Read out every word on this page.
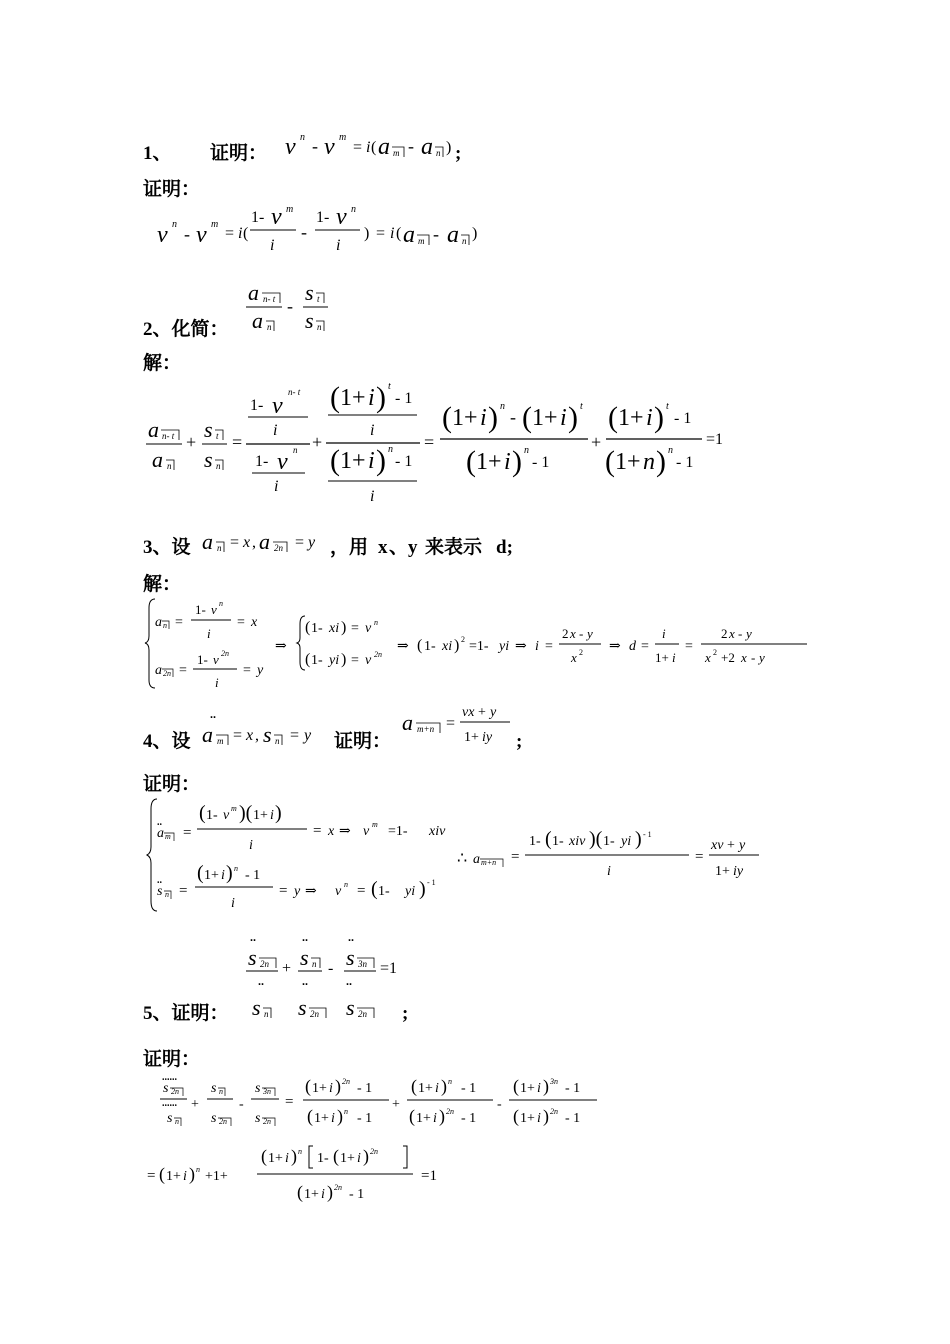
1、 证明： v n - v m
= i ( a m - a n ) ;
证明：
v n - v m
= i (
1- v m
i
-
1- v n
i
) = i ( a m - a n )
a n- t
a n
-
s t
s n
2、化简：
解：
a n- t
a n
+ s t
s n
=
1- v
n- t
i
1- v n
i
+
( 1+ i ) t
- 1
i
( 1+ i ) n
- 1
i
=
( 1+ i ) n
- ( 1+ i ) t
( 1+ i ) n
- 1
+
( 1+ i ) t
- 1
( 1+ n ) n
- 1
=1
3、设 a n = x , a 2n = y ，用 x 、 y 来表示 d;
解：
a n =
1- v n
i
= x
a 2n =
1- v 2n
i
= y
⇒
( 1- xi ) = v n
( 1- yi ) = v 2n
⇒ ( 1- xi ) 2 =1- yi ⇒ i =
2 x - y
x 2 ⇒ d =
i
1+ i
=
2 x - y
x 2 +2 x - y
4、设
..
a m = x , s n = y 证明：
a m+n =
vx + y
1+ iy ;
证明：
..
a m =
( 1- v m )( 1+ i )
i
= x ⇒ v m =1- xiv
..
s n =
( 1+ i ) n - 1
i
= y ⇒ v n = ( 1- yi ) - 1
∴ a m+n =
1- ( 1- xiv )( 1- yi ) - 1
i
=
xv + y
1+ iy
..
s 2n
..
+
..
s n
..
-
..
s 3n
..
=1
s n s 2n s 2n
5、证明：	;
证明：
......
s 2n
......
s n
+
s n
s 2n
-
s 3n
s 2n
=
( 1+ i ) 2n - 1
( 1+ i ) n - 1
+
( 1+ i ) n - 1
( 1+ i ) 2n - 1
-
( 1+ i ) 3n - 1
( 1+ i ) 2n - 1
= ( 1+ i ) n +1+
( 1+ i ) n 1- ( 1+ i ) 2n
( 1+ i ) 2n - 1
=1
